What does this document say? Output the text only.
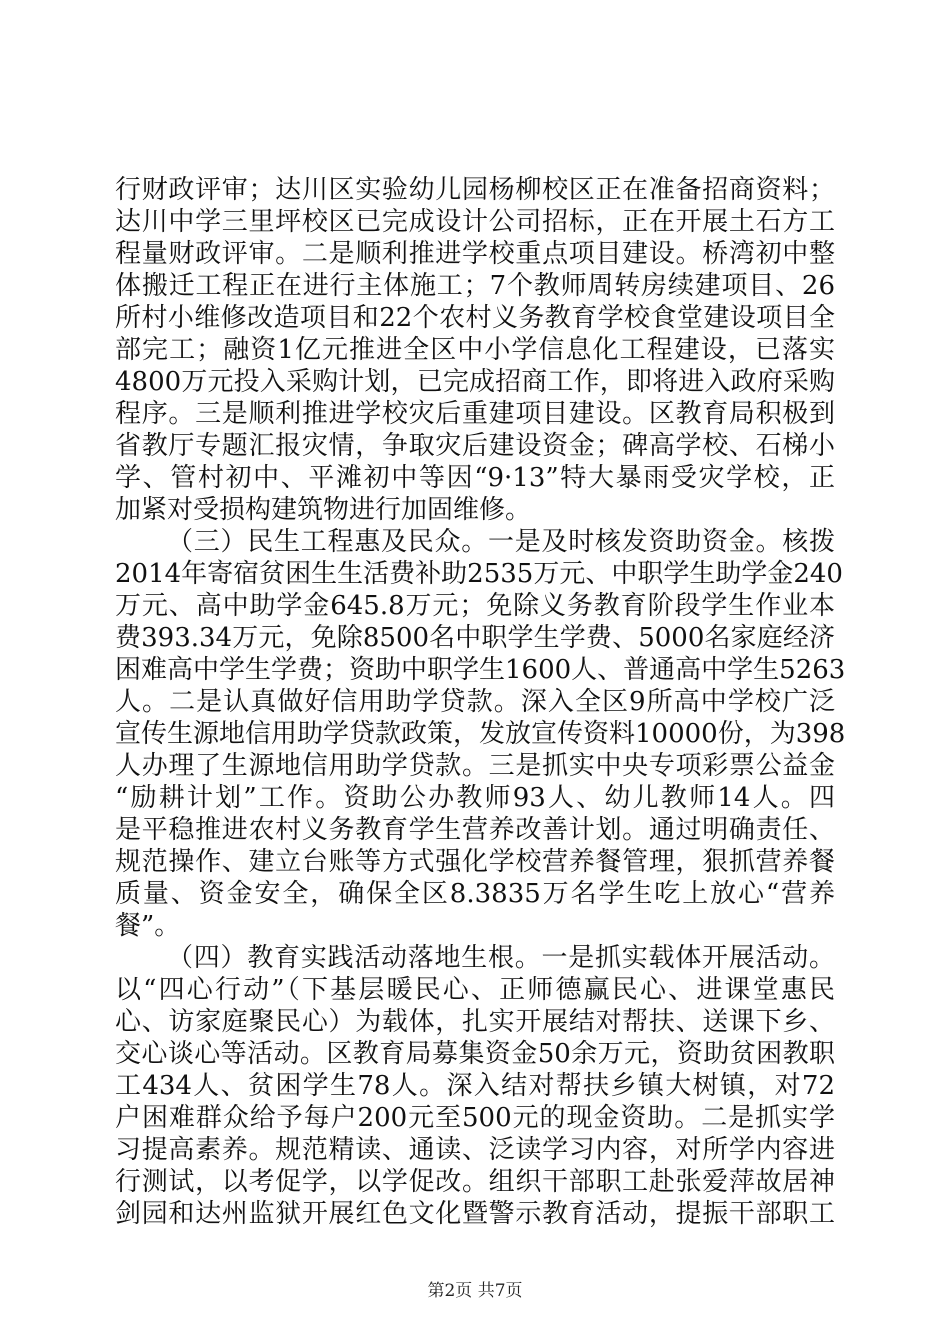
行财政评审；达川区实验幼儿园杨柳校区正在准备招商资料；
达川中学三里坪校区已完成设计公司招标，正在开展土石方工
程量财政评审。二是顺利推进学校重点项目建设。桥湾初中整
体搬迁工程正在进行主体施工；7个教师周转房续建项目、26
所村小维修改造项目和22个农村义务教育学校食堂建设项目全
部完工；融资1亿元推进全区中小学信息化工程建设，已落实
4800万元投入采购计划，已完成招商工作，即将进入政府采购
程序。三是顺利推进学校灾后重建项目建设。区教育局积极到
省教厅专题汇报灾情，争取灾后建设资金；碑高学校、石梯小
学、管村初中、平滩初中等因“9·13”特大暴雨受灾学校，正
加紧对受损构建筑物进行加固维修。
（三）民生工程惠及民众。一是及时核发资助资金。核拨
2014年寄宿贫困生生活费补助2535万元、中职学生助学金240
万元、高中助学金645.8万元；免除义务教育阶段学生作业本
费393.34万元，免除8500名中职学生学费、5000名家庭经济
困难高中学生学费；资助中职学生1600人、普通高中学生5263
人。二是认真做好信用助学贷款。深入全区9所高中学校广泛
宣传生源地信用助学贷款政策，发放宣传资料10000份，为398
人办理了生源地信用助学贷款。三是抓实中央专项彩票公益金
“励耕计划”工作。资助公办教师93人、幼儿教师14人。四
是平稳推进农村义务教育学生营养改善计划。通过明确责任、
规范操作、建立台账等方式强化学校营养餐管理，狠抓营养餐
质量、资金安全，确保全区8.3835万名学生吃上放心“营养
餐”。
（四）教育实践活动落地生根。一是抓实载体开展活动。
以“四心行动”（下基层暖民心、正师德赢民心、进课堂惠民
心、访家庭聚民心）为载体，扎实开展结对帮扶、送课下乡、
交心谈心等活动。区教育局募集资金50余万元，资助贫困教职
工434人、贫困学生78人。深入结对帮扶乡镇大树镇，对72
户困难群众给予每户200元至500元的现金资助。二是抓实学
习提高素养。规范精读、通读、泛读学习内容，对所学内容进
行测试，以考促学，以学促改。组织干部职工赴张爱萍故居神
剑园和达州监狱开展红色文化暨警示教育活动，提振干部职工
第2页 共7页
